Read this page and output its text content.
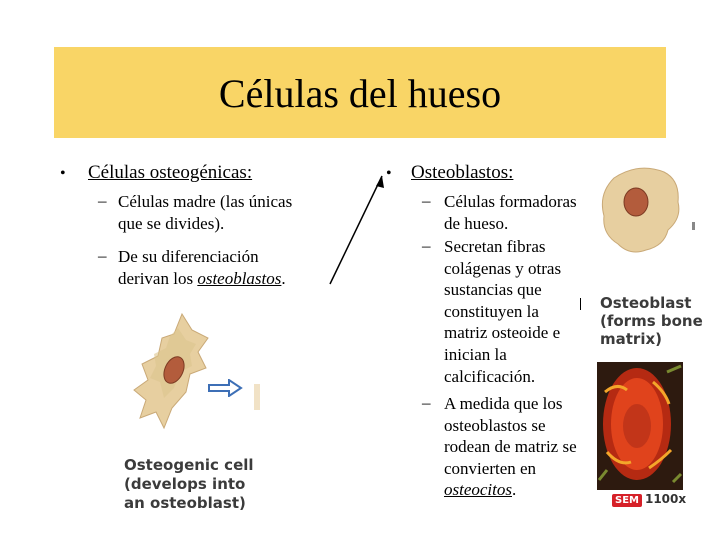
Células del hueso
• Células osteogénicas:
– Células madre (las únicas
que se divides).
– De su diferenciación
derivan los osteoblastos.
Osteogenic cell
(develops into
an osteoblast)
• Osteoblastos:
– Células formadoras
de hueso.
– Secretan fibras
colágenas y otras
sustancias que
constituyen la
matriz osteoide e
inician la
calcificación.
– A medida que los
osteoblastos se
rodean de matriz se
convierten en
osteocitos.
Osteoblast
(forms bone
matrix)
SEM 1100x
